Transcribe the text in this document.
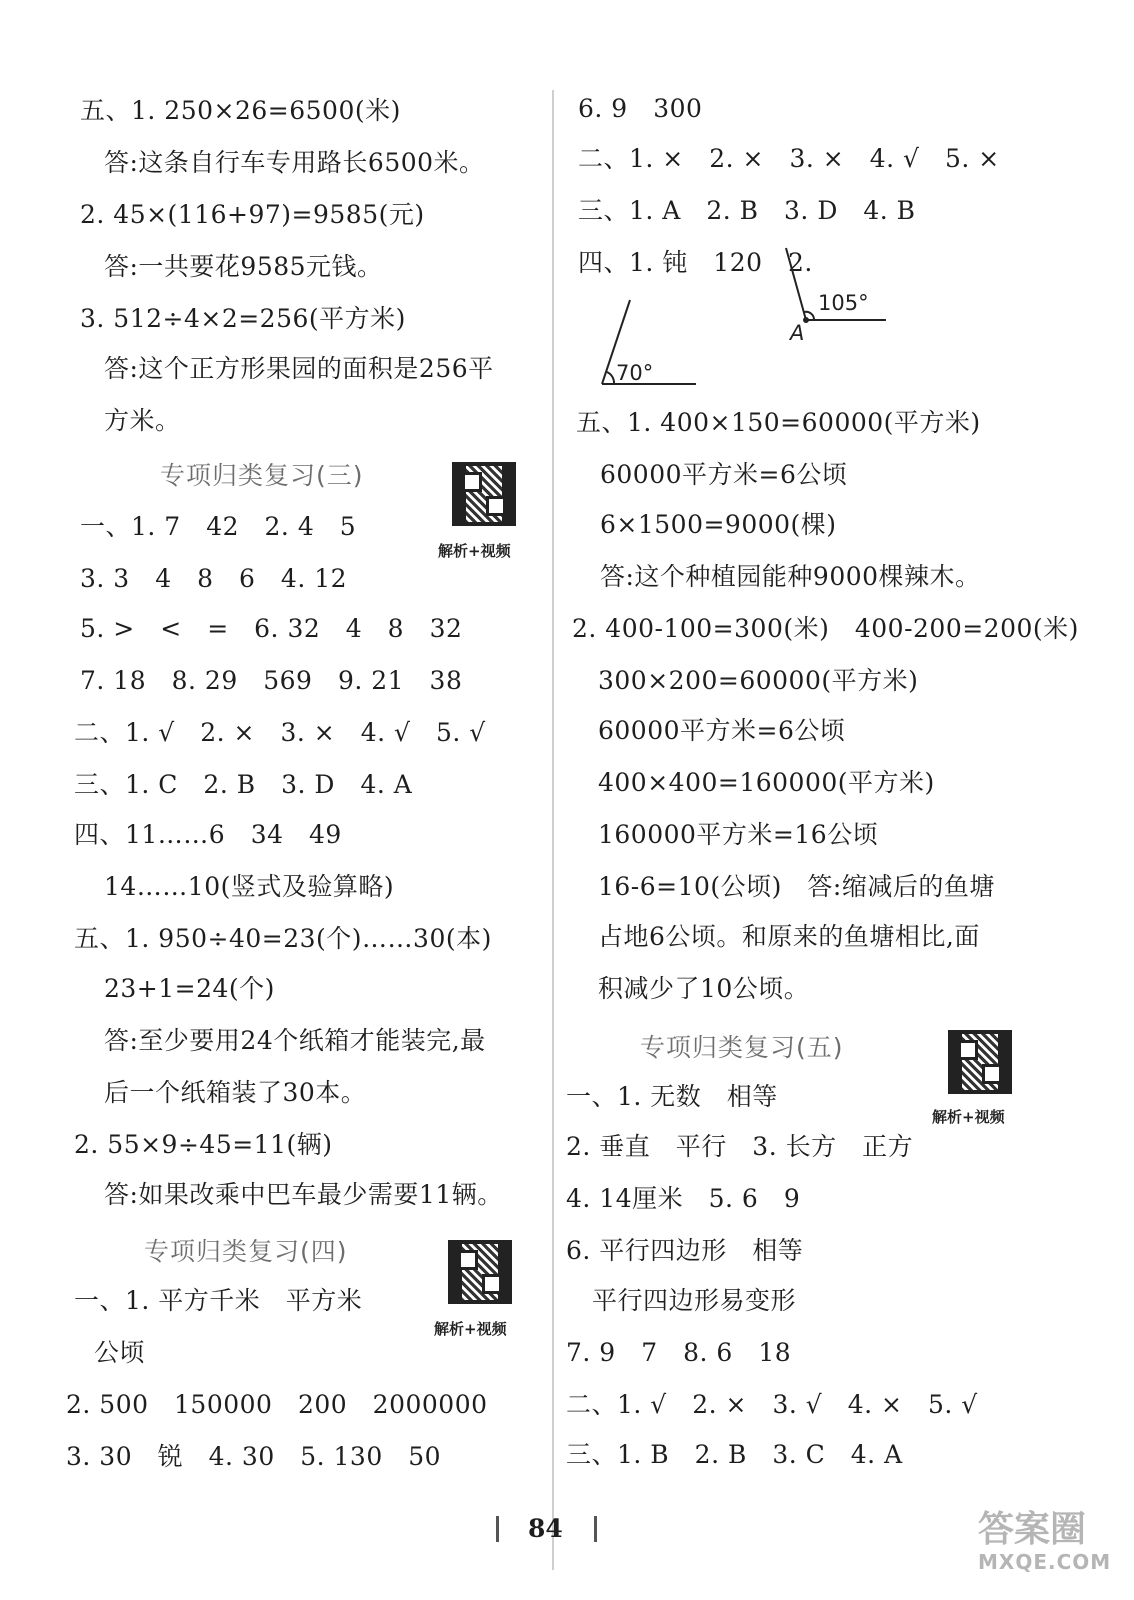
五、1. 250×26=6500(米)
答:这条自行车专用路长6500米。
2. 45×(116+97)=9585(元)
答:一共要花9585元钱。
3. 512÷4×2=256(平方米)
答:这个正方形果园的面积是256平
方米。
专项归类复习(三)
解析+视频
一、1. 7　42　2. 4　5
3. 3　4　8　6　4. 12
5. >　<　=　6. 32　4　8　32
7. 18　8. 29　569　9. 21　38
二、1. √　2. ×　3. ×　4. √　5. √
三、1. C　2. B　3. D　4. A
四、11……6　34　49
14……10(竖式及验算略)
五、1. 950÷40=23(个)……30(本)
23+1=24(个)
答:至少要用24个纸箱才能装完,最
后一个纸箱装了30本。
2. 55×9÷45=11(辆)
答:如果改乘中巴车最少需要11辆。
专项归类复习(四)
解析+视频
一、1. 平方千米　平方米
公顷
2. 500　150000　200　2000000
3. 30　锐　4. 30　5. 130　50
6. 9　300
二、1. ×　2. ×　3. ×　4. √　5. ×
三、1. A　2. B　3. D　4. B
四、1. 钝　120　2.
105°
A
70°
五、1. 400×150=60000(平方米)
60000平方米=6公顷
6×1500=9000(棵)
答:这个种植园能种9000棵辣木。
2. 400-100=300(米)　400-200=200(米)
300×200=60000(平方米)
60000平方米=6公顷
400×400=160000(平方米)
160000平方米=16公顷
16-6=10(公顷)　答:缩减后的鱼塘
占地6公顷。和原来的鱼塘相比,面
积减少了10公顷。
专项归类复习(五)
解析+视频
一、1. 无数　相等
2. 垂直　平行　3. 长方　正方
4. 14厘米　5. 6　9
6. 平行四边形　相等
平行四边形易变形
7. 9　7　8. 6　18
二、1. √　2. ×　3. √　4. ×　5. √
三、1. B　2. B　3. C　4. A
84	答案圈
MXQE.COM
